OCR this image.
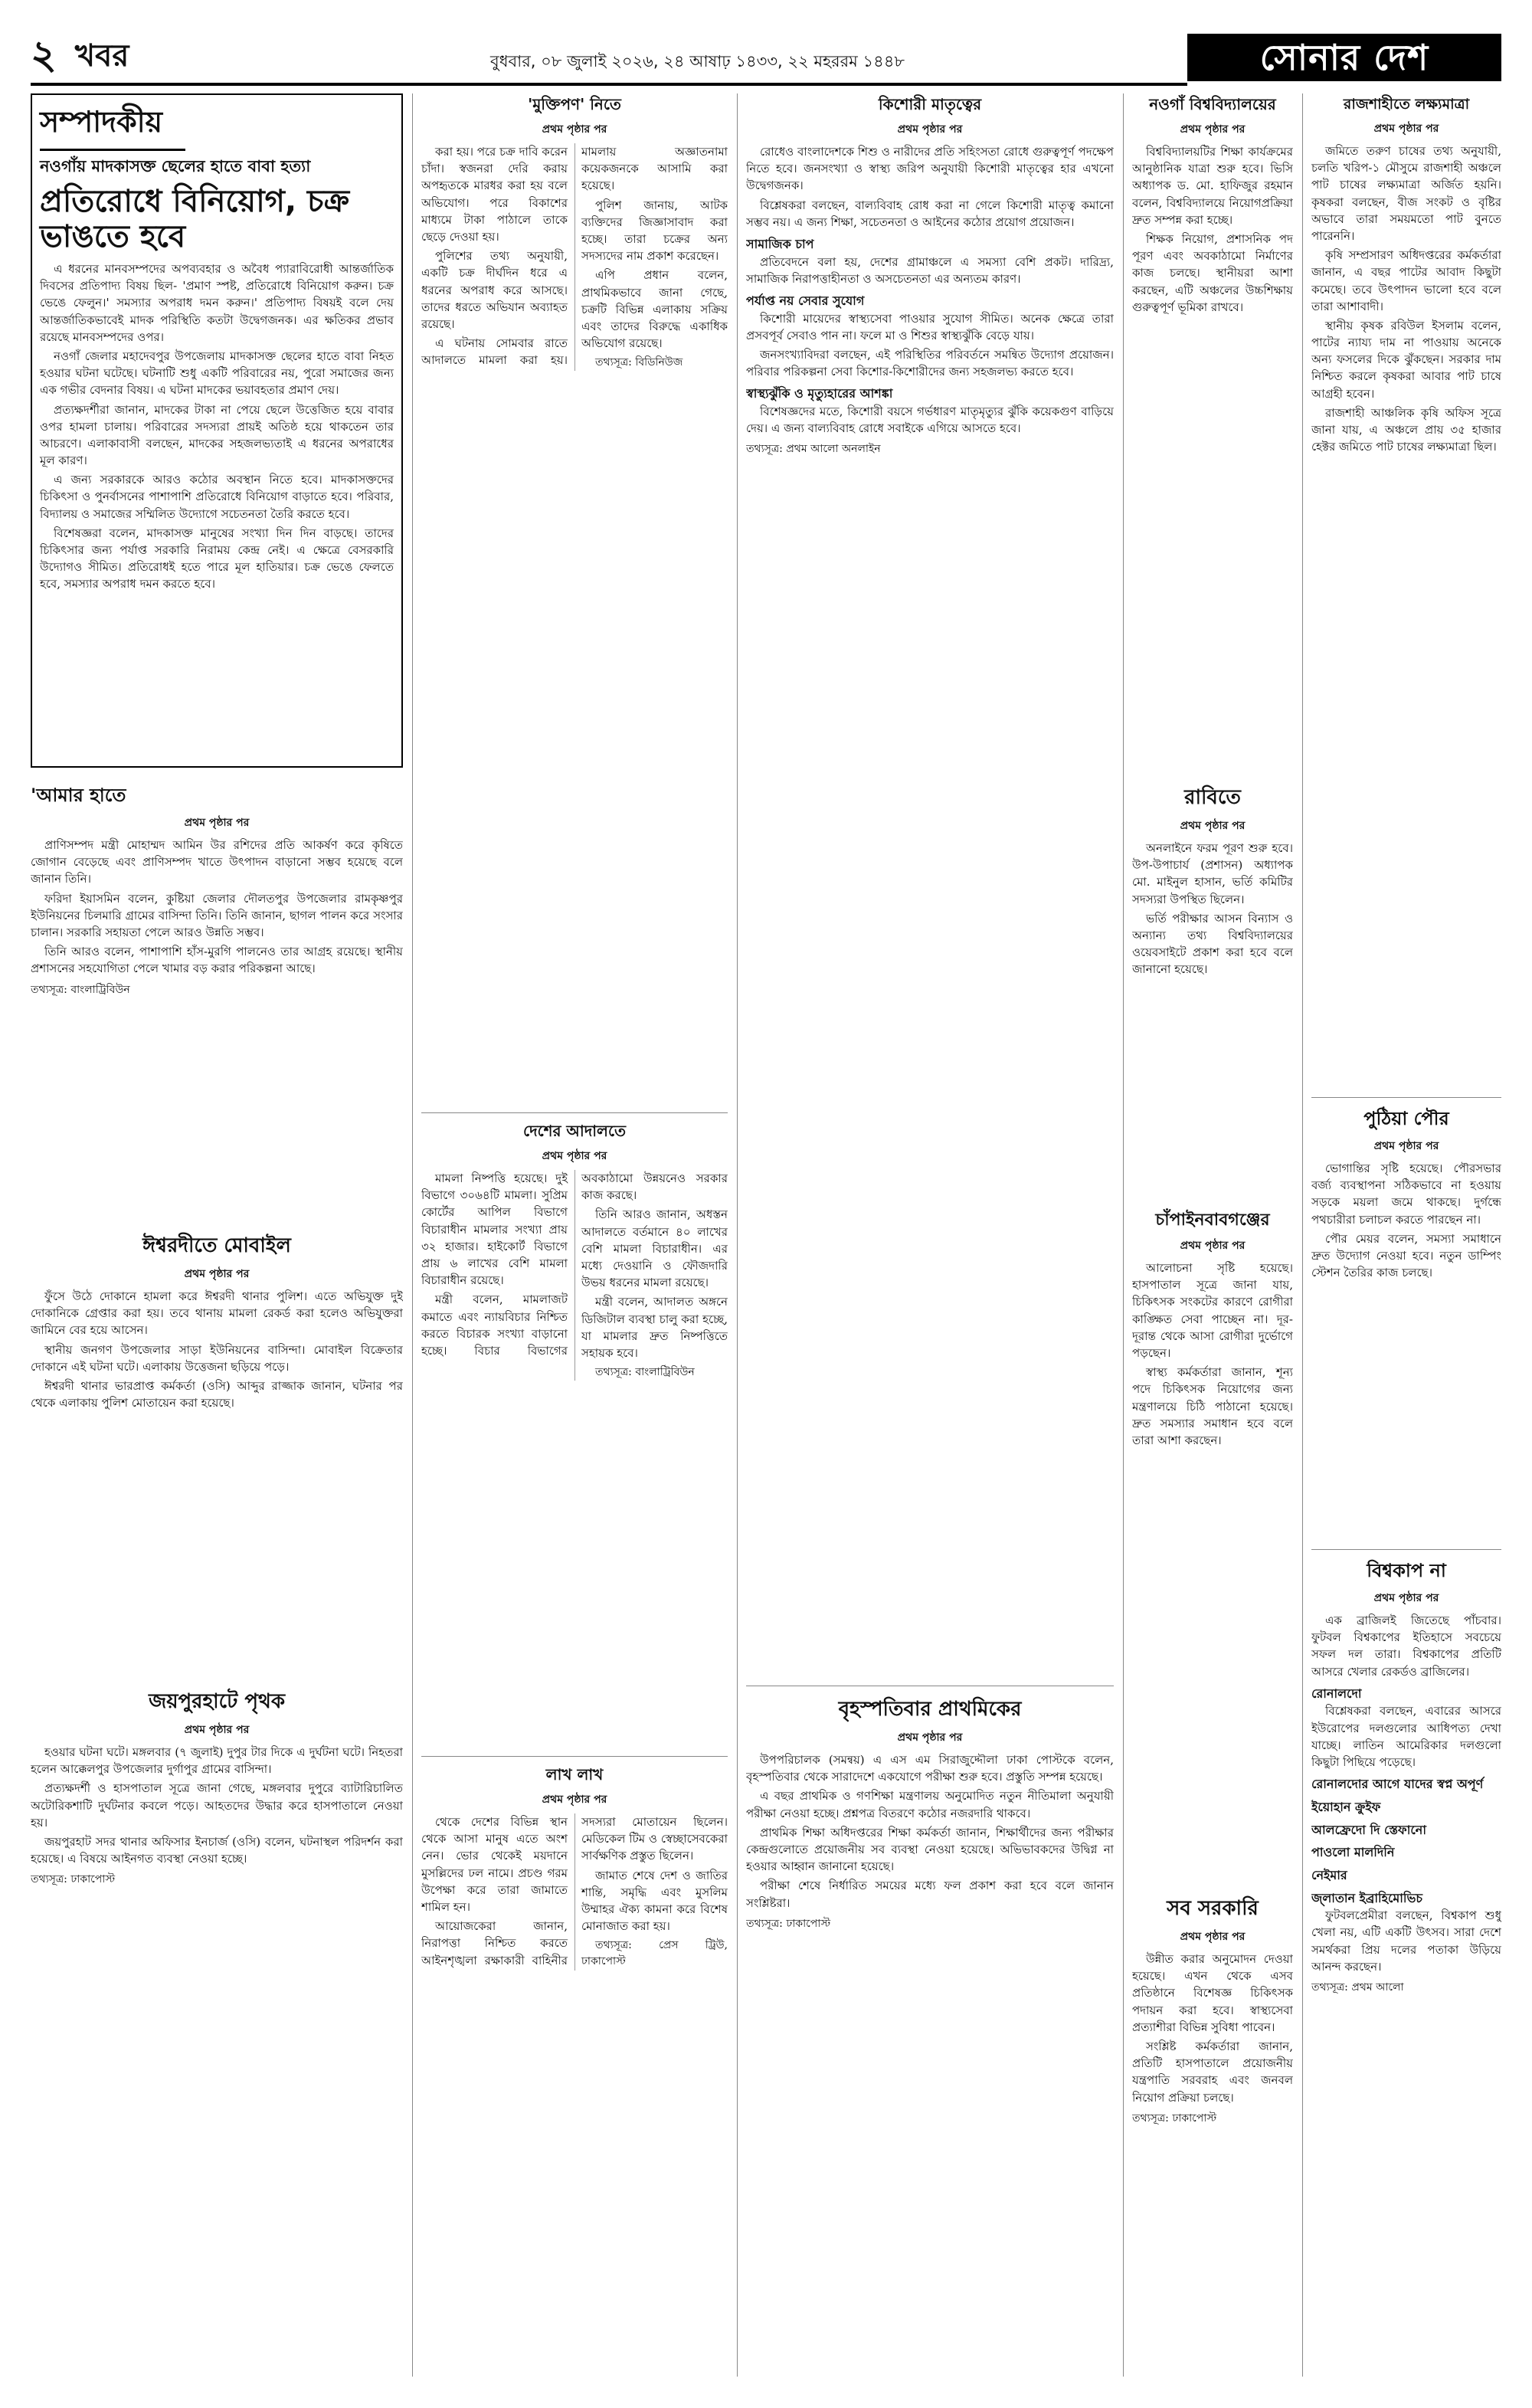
২ খবর	বুধবার, ০৮ জুলাই ২০২৬, ২৪ আষাঢ় ১৪৩৩, ২২ মহররম ১৪৪৮	সোনার দেশ
সম্পাদকীয়
নওগাঁয় মাদকাসক্ত ছেলের হাতে বাবা হত্যা
প্রতিরোধে বিনিয়োগ, চক্র ভাঙতে হবে

এ ধরনের মানবসম্পদের অপব্যবহার ও অবৈধ প্যারাবিরোধী আন্তর্জাতিক দিবসের প্রতিপাদ্য বিষয় ছিল- 'প্রমাণ স্পষ্ট, প্রতিরোধে বিনিয়োগ করুন। চক্র ভেঙে ফেলুন।' সমস্যার অপরাধ দমন করুন।' প্রতিপাদ্য বিষয়ই বলে দেয় আন্তর্জাতিকভাবেই মাদক পরিস্থিতি কতটা উদ্বেগজনক। এর ক্ষতিকর প্রভাব রয়েছে মানবসম্পদের ওপর।

নওগাঁ জেলার মহাদেবপুর উপজেলায় মাদকাসক্ত ছেলের হাতে বাবা নিহত হওয়ার ঘটনা ঘটেছে। ঘটনাটি শুধু একটি পরিবারের নয়, পুরো সমাজের জন্য এক গভীর বেদনার বিষয়। এ ঘটনা মাদকের ভয়াবহতার প্রমাণ দেয়।

প্রত্যক্ষদর্শীরা জানান, মাদকের টাকা না পেয়ে ছেলে উত্তেজিত হয়ে বাবার ওপর হামলা চালায়। পরিবারের সদস্যরা প্রায়ই অতিষ্ঠ হয়ে থাকতেন তার আচরণে। এলাকাবাসী বলছেন, মাদকের সহজলভ্যতাই এ ধরনের অপরাধের মূল কারণ।

এ জন্য সরকারকে আরও কঠোর অবস্থান নিতে হবে। মাদকাসক্তদের চিকিৎসা ও পুনর্বাসনের পাশাপাশি প্রতিরোধে বিনিয়োগ বাড়াতে হবে। পরিবার, বিদ্যালয় ও সমাজের সম্মিলিত উদ্যোগে সচেতনতা তৈরি করতে হবে।

বিশেষজ্ঞরা বলেন, মাদকাসক্ত মানুষের সংখ্যা দিন দিন বাড়ছে। তাদের চিকিৎসার জন্য পর্যাপ্ত সরকারি নিরাময় কেন্দ্র নেই। এ ক্ষেত্রে বেসরকারি উদ্যোগও সীমিত। প্রতিরোধই হতে পারে মূল হাতিয়ার। চক্র ভেঙে ফেলতে হবে, সমস্যার অপরাধ দমন করতে হবে।

'আমার হাতে
প্রথম পৃষ্ঠার পর

প্রাণিসম্পদ মন্ত্রী মোহাম্মদ আমিন উর রশিদের প্রতি আকর্ষণ করে কৃষিতে জোগান বেড়েছে এবং প্রাণিসম্পদ খাতে উৎপাদন বাড়ানো সম্ভব হয়েছে বলে জানান তিনি।

ফরিদা ইয়াসমিন বলেন, কুষ্টিয়া জেলার দৌলতপুর উপজেলার রামকৃষ্ণপুর ইউনিয়নের চিলমারি গ্রামের বাসিন্দা তিনি। তিনি জানান, ছাগল পালন করে সংসার চালান। সরকারি সহায়তা পেলে আরও উন্নতি সম্ভব।

তিনি আরও বলেন, পাশাপাশি হাঁস-মুরগি পালনেও তার আগ্রহ রয়েছে। স্থানীয় প্রশাসনের সহযোগিতা পেলে খামার বড় করার পরিকল্পনা আছে।

তথ্যসূত্র: বাংলাট্রিবিউন
ঈশ্বরদীতে মোবাইল
প্রথম পৃষ্ঠার পর

ফুঁসে উঠে দোকানে হামলা করে ঈশ্বরদী থানার পুলিশ। এতে অভিযুক্ত দুই দোকানিকে গ্রেপ্তার করা হয়। তবে থানায় মামলা রেকর্ড করা হলেও অভিযুক্তরা জামিনে বের হয়ে আসেন।

স্থানীয় জনগণ উপজেলার সাড়া ইউনিয়নের বাসিন্দা। মোবাইল বিক্রেতার দোকানে এই ঘটনা ঘটে। এলাকায় উত্তেজনা ছড়িয়ে পড়ে।

ঈশ্বরদী থানার ভারপ্রাপ্ত কর্মকর্তা (ওসি) আব্দুর রাজ্জাক জানান, ঘটনার পর থেকে এলাকায় পুলিশ মোতায়েন করা হয়েছে।

জয়পুরহাটে পৃথক
প্রথম পৃষ্ঠার পর

হওয়ার ঘটনা ঘটে। মঙ্গলবার (৭ জুলাই) দুপুর টার দিকে এ দুর্ঘটনা ঘটে। নিহতরা হলেন আক্কেলপুর উপজেলার দুর্গাপুর গ্রামের বাসিন্দা।

প্রত্যক্ষদর্শী ও হাসপাতাল সূত্রে জানা গেছে, মঙ্গলবার দুপুরে ব্যাটারিচালিত অটোরিকশাটি দুর্ঘটনার কবলে পড়ে। আহতদের উদ্ধার করে হাসপাতালে নেওয়া হয়।

জয়পুরহাট সদর থানার অফিসার ইনচার্জ (ওসি) বলেন, ঘটনাস্থল পরিদর্শন করা হয়েছে। এ বিষয়ে আইনগত ব্যবস্থা নেওয়া হচ্ছে।

তথ্যসূত্র: ঢাকাপোস্ট
'মুক্তিপণ' নিতে
প্রথম পৃষ্ঠার পর

করা হয়। পরে চক্র দাবি করেন চাঁদা। স্বজনরা দেরি করায় অপহৃতকে মারধর করা হয় বলে অভিযোগ। পরে বিকাশের মাধ্যমে টাকা পাঠালে তাকে ছেড়ে দেওয়া হয়।

পুলিশের তথ্য অনুযায়ী, একটি চক্র দীর্ঘদিন ধরে এ ধরনের অপরাধ করে আসছে। তাদের ধরতে অভিযান অব্যাহত রয়েছে।

এ ঘটনায় সোমবার রাতে আদালতে মামলা করা হয়। মামলায় অজ্ঞাতনামা কয়েকজনকে আসামি করা হয়েছে।

পুলিশ জানায়, আটক ব্যক্তিদের জিজ্ঞাসাবাদ করা হচ্ছে। তারা চক্রের অন্য সদস্যদের নাম প্রকাশ করেছেন।

এপি প্রধান বলেন, প্রাথমিকভাবে জানা গেছে, চক্রটি বিভিন্ন এলাকায় সক্রিয় এবং তাদের বিরুদ্ধে একাধিক অভিযোগ রয়েছে।

তথ্যসূত্র: বিডিনিউজ

দেশের আদালতে
প্রথম পৃষ্ঠার পর

মামলা নিষ্পত্তি হয়েছে। দুই বিভাগে ৩০৬৪টি মামলা। সুপ্রিম কোর্টের আপিল বিভাগে বিচারাধীন মামলার সংখ্যা প্রায় ৩২ হাজার। হাইকোর্ট বিভাগে প্রায় ৬ লাখের বেশি মামলা বিচারাধীন রয়েছে।

মন্ত্রী বলেন, মামলাজট কমাতে এবং ন্যায়বিচার নিশ্চিত করতে বিচারক সংখ্যা বাড়ানো হচ্ছে। বিচার বিভাগের অবকাঠামো উন্নয়নেও সরকার কাজ করছে।

তিনি আরও জানান, অধস্তন আদালতে বর্তমানে ৪০ লাখের বেশি মামলা বিচারাধীন। এর মধ্যে দেওয়ানি ও ফৌজদারি উভয় ধরনের মামলা রয়েছে।

মন্ত্রী বলেন, আদালত অঙ্গনে ডিজিটাল ব্যবস্থা চালু করা হচ্ছে, যা মামলার দ্রুত নিষ্পত্তিতে সহায়ক হবে।

তথ্যসূত্র: বাংলাট্রিবিউন

লাখ লাখ
প্রথম পৃষ্ঠার পর

থেকে দেশের বিভিন্ন স্থান থেকে আসা মানুষ এতে অংশ নেন। ভোর থেকেই ময়দানে মুসল্লিদের ঢল নামে। প্রচণ্ড গরম উপেক্ষা করে তারা জামাতে শামিল হন।

আয়োজকেরা জানান, নিরাপত্তা নিশ্চিত করতে আইনশৃঙ্খলা রক্ষাকারী বাহিনীর সদস্যরা মোতায়েন ছিলেন। মেডিকেল টিম ও স্বেচ্ছাসেবকেরা সার্বক্ষণিক প্রস্তুত ছিলেন।

জামাত শেষে দেশ ও জাতির শান্তি, সমৃদ্ধি এবং মুসলিম উম্মাহর ঐক্য কামনা করে বিশেষ মোনাজাত করা হয়।

তথ্যসূত্র: প্রেস ট্রিউ, ঢাকাপোস্ট

কিশোরী মাতৃত্বের
প্রথম পৃষ্ঠার পর

রোধেও বাংলাদেশকে শিশু ও নারীদের প্রতি সহিংসতা রোধে গুরুত্বপূর্ণ পদক্ষেপ নিতে হবে। জনসংখ্যা ও স্বাস্থ্য জরিপ অনুযায়ী কিশোরী মাতৃত্বের হার এখনো উদ্বেগজনক।

বিশ্লেষকরা বলছেন, বাল্যবিবাহ রোধ করা না গেলে কিশোরী মাতৃত্ব কমানো সম্ভব নয়। এ জন্য শিক্ষা, সচেতনতা ও আইনের কঠোর প্রয়োগ প্রয়োজন।

সামাজিক চাপ

প্রতিবেদনে বলা হয়, দেশের গ্রামাঞ্চলে এ সমস্যা বেশি প্রকট। দারিদ্র্য, সামাজিক নিরাপত্তাহীনতা ও অসচেতনতা এর অন্যতম কারণ।

পর্যাপ্ত নয় সেবার সুযোগ

কিশোরী মায়েদের স্বাস্থ্যসেবা পাওয়ার সুযোগ সীমিত। অনেক ক্ষেত্রে তারা প্রসবপূর্ব সেবাও পান না। ফলে মা ও শিশুর স্বাস্থ্যঝুঁকি বেড়ে যায়।

জনসংখ্যাবিদরা বলছেন, এই পরিস্থিতির পরিবর্তনে সমন্বিত উদ্যোগ প্রয়োজন। পরিবার পরিকল্পনা সেবা কিশোর-কিশোরীদের জন্য সহজলভ্য করতে হবে।

স্বাস্থ্যঝুঁকি ও মৃত্যুহারের আশঙ্কা

বিশেষজ্ঞদের মতে, কিশোরী বয়সে গর্ভধারণ মাতৃমৃত্যুর ঝুঁকি কয়েকগুণ বাড়িয়ে দেয়। এ জন্য বাল্যবিবাহ রোধে সবাইকে এগিয়ে আসতে হবে।

তথ্যসূত্র: প্রথম আলো অনলাইন
বৃহস্পতিবার প্রাথমিকের
প্রথম পৃষ্ঠার পর

উপপরিচালক (সমন্বয়) এ এস এম সিরাজুদ্দৌলা ঢাকা পোস্টকে বলেন, বৃহস্পতিবার থেকে সারাদেশে একযোগে পরীক্ষা শুরু হবে। প্রস্তুতি সম্পন্ন হয়েছে।

এ বছর প্রাথমিক ও গণশিক্ষা মন্ত্রণালয় অনুমোদিত নতুন নীতিমালা অনুযায়ী পরীক্ষা নেওয়া হচ্ছে। প্রশ্নপত্র বিতরণে কঠোর নজরদারি থাকবে।

প্রাথমিক শিক্ষা অধিদপ্তরের শিক্ষা কর্মকর্তা জানান, শিক্ষার্থীদের জন্য পরীক্ষার কেন্দ্রগুলোতে প্রয়োজনীয় সব ব্যবস্থা নেওয়া হয়েছে। অভিভাবকদের উদ্বিগ্ন না হওয়ার আহ্বান জানানো হয়েছে।

পরীক্ষা শেষে নির্ধারিত সময়ের মধ্যে ফল প্রকাশ করা হবে বলে জানান সংশ্লিষ্টরা।

তথ্যসূত্র: ঢাকাপোস্ট
নওগাঁ বিশ্ববিদ্যালয়ের
প্রথম পৃষ্ঠার পর

বিশ্ববিদ্যালয়টির শিক্ষা কার্যক্রমের আনুষ্ঠানিক যাত্রা শুরু হবে। ভিসি অধ্যাপক ড. মো. হাফিজুর রহমান বলেন, বিশ্ববিদ্যালয়ে নিয়োগপ্রক্রিয়া দ্রুত সম্পন্ন করা হচ্ছে।

শিক্ষক নিয়োগ, প্রশাসনিক পদ পূরণ এবং অবকাঠামো নির্মাণের কাজ চলছে। স্থানীয়রা আশা করছেন, এটি অঞ্চলের উচ্চশিক্ষায় গুরুত্বপূর্ণ ভূমিকা রাখবে।

রাবিতে
প্রথম পৃষ্ঠার পর

অনলাইনে ফরম পূরণ শুরু হবে। উপ-উপাচার্য (প্রশাসন) অধ্যাপক মো. মাইনুল হাসান, ভর্তি কমিটির সদস্যরা উপস্থিত ছিলেন।

ভর্তি পরীক্ষার আসন বিন্যাস ও অন্যান্য তথ্য বিশ্ববিদ্যালয়ের ওয়েবসাইটে প্রকাশ করা হবে বলে জানানো হয়েছে।

চাঁপাইনবাবগঞ্জের
প্রথম পৃষ্ঠার পর

আলোচনা সৃষ্টি হয়েছে। হাসপাতাল সূত্রে জানা যায়, চিকিৎসক সংকটের কারণে রোগীরা কাঙ্ক্ষিত সেবা পাচ্ছেন না। দূর-দূরান্ত থেকে আসা রোগীরা দুর্ভোগে পড়ছেন।

স্বাস্থ্য কর্মকর্তারা জানান, শূন্য পদে চিকিৎসক নিয়োগের জন্য মন্ত্রণালয়ে চিঠি পাঠানো হয়েছে। দ্রুত সমস্যার সমাধান হবে বলে তারা আশা করছেন।

সব সরকারি
প্রথম পৃষ্ঠার পর

উন্নীত করার অনুমোদন দেওয়া হয়েছে। এখন থেকে এসব প্রতিষ্ঠানে বিশেষজ্ঞ চিকিৎসক পদায়ন করা হবে। স্বাস্থ্যসেবা প্রত্যাশীরা বিভিন্ন সুবিধা পাবেন।

সংশ্লিষ্ট কর্মকর্তারা জানান, প্রতিটি হাসপাতালে প্রয়োজনীয় যন্ত্রপাতি সরবরাহ এবং জনবল নিয়োগ প্রক্রিয়া চলছে।

তথ্যসূত্র: ঢাকাপোস্ট
রাজশাহীতে লক্ষ্যমাত্রা
প্রথম পৃষ্ঠার পর

জমিতে তরুণ চাষের তথ্য অনুযায়ী, চলতি খরিপ-১ মৌসুমে রাজশাহী অঞ্চলে পাট চাষের লক্ষ্যমাত্রা অর্জিত হয়নি। কৃষকরা বলছেন, বীজ সংকট ও বৃষ্টির অভাবে তারা সময়মতো পাট বুনতে পারেননি।

কৃষি সম্প্রসারণ অধিদপ্তরের কর্মকর্তারা জানান, এ বছর পাটের আবাদ কিছুটা কমেছে। তবে উৎপাদন ভালো হবে বলে তারা আশাবাদী।

স্থানীয় কৃষক রবিউল ইসলাম বলেন, পাটের ন্যায্য দাম না পাওয়ায় অনেকে অন্য ফসলের দিকে ঝুঁকছেন। সরকার দাম নিশ্চিত করলে কৃষকরা আবার পাট চাষে আগ্রহী হবেন।

রাজশাহী আঞ্চলিক কৃষি অফিস সূত্রে জানা যায়, এ অঞ্চলে প্রায় ৩৫ হাজার হেক্টর জমিতে পাট চাষের লক্ষ্যমাত্রা ছিল।

পুঠিয়া পৌর
প্রথম পৃষ্ঠার পর

ভোগান্তির সৃষ্টি হয়েছে। পৌরসভার বর্জ্য ব্যবস্থাপনা সঠিকভাবে না হওয়ায় সড়কে ময়লা জমে থাকছে। দুর্গন্ধে পথচারীরা চলাচল করতে পারছেন না।

পৌর মেয়র বলেন, সমস্যা সমাধানে দ্রুত উদ্যোগ নেওয়া হবে। নতুন ডাম্পিং স্টেশন তৈরির কাজ চলছে।

বিশ্বকাপ না
প্রথম পৃষ্ঠার পর

এক ব্রাজিলই জিতেছে পাঁচবার। ফুটবল বিশ্বকাপের ইতিহাসে সবচেয়ে সফল দল তারা। বিশ্বকাপের প্রতিটি আসরে খেলার রেকর্ডও ব্রাজিলের।

রোনালদো

বিশ্লেষকরা বলছেন, এবারের আসরে ইউরোপের দলগুলোর আধিপত্য দেখা যাচ্ছে। লাতিন আমেরিকার দলগুলো কিছুটা পিছিয়ে পড়েছে।

রোনালদোর আগে যাদের স্বপ্ন অপূর্ণ
ইয়োহান ক্রুইফ
আলফ্রেদো দি স্তেফানো
পাওলো মালদিনি
নেইমার
জ্লাতান ইব্রাহিমোভিচ

ফুটবলপ্রেমীরা বলছেন, বিশ্বকাপ শুধু খেলা নয়, এটি একটি উৎসব। সারা দেশে সমর্থকরা প্রিয় দলের পতাকা উড়িয়ে আনন্দ করছেন।

তথ্যসূত্র: প্রথম আলো
